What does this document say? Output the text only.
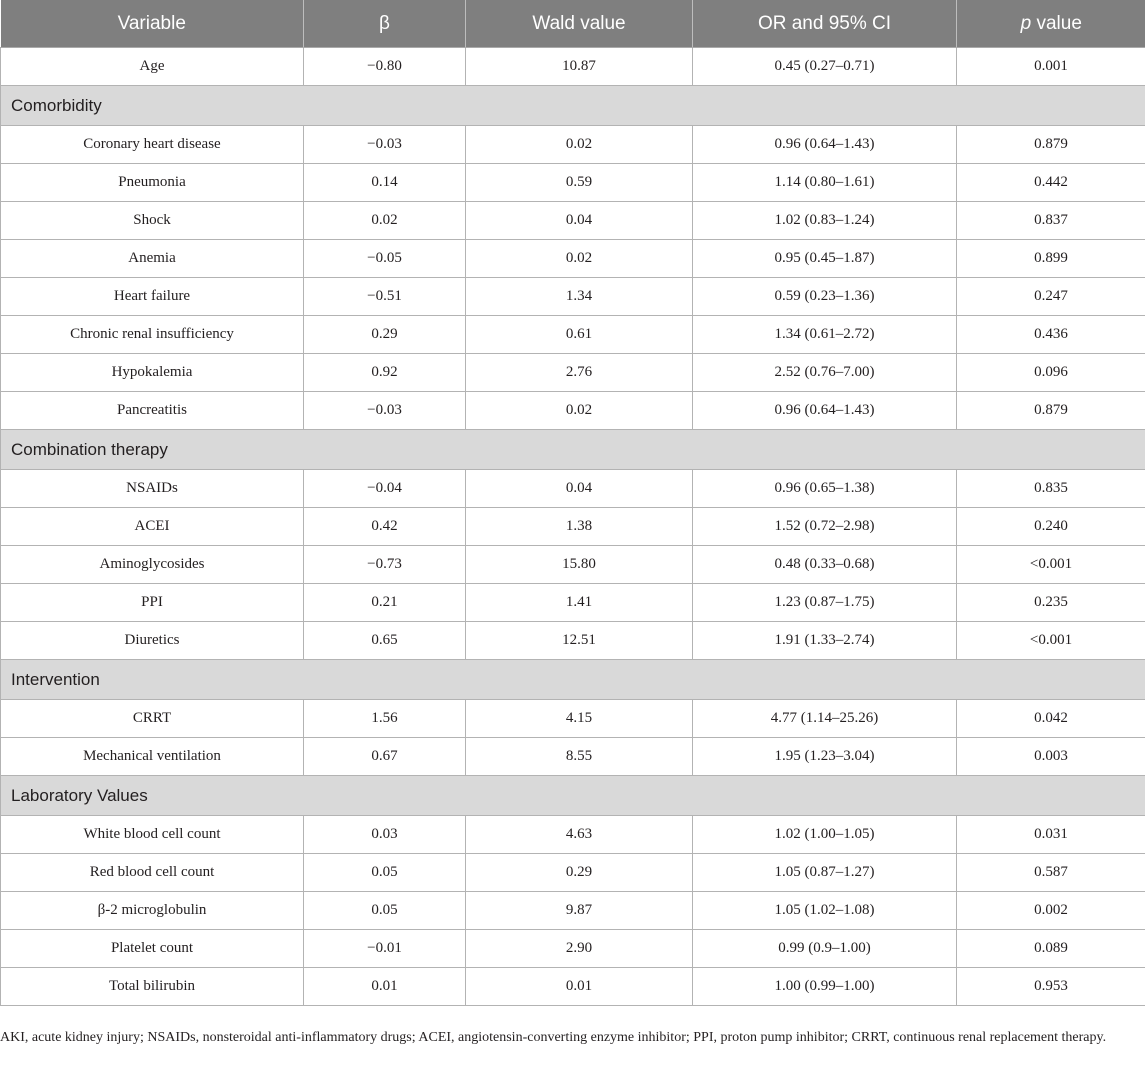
Variable	β	Wald value	OR and 95% CI	p value
Age	−0.80	10.87	0.45 (0.27–0.71)	0.001
Comorbidity				
Coronary heart disease	−0.03	0.02	0.96 (0.64–1.43)	0.879
Pneumonia	0.14	0.59	1.14 (0.80–1.61)	0.442
Shock	0.02	0.04	1.02 (0.83–1.24)	0.837
Anemia	−0.05	0.02	0.95 (0.45–1.87)	0.899
Heart failure	−0.51	1.34	0.59 (0.23–1.36)	0.247
Chronic renal insufficiency	0.29	0.61	1.34 (0.61–2.72)	0.436
Hypokalemia	0.92	2.76	2.52 (0.76–7.00)	0.096
Pancreatitis	−0.03	0.02	0.96 (0.64–1.43)	0.879
Combination therapy				
NSAIDs	−0.04	0.04	0.96 (0.65–1.38)	0.835
ACEI	0.42	1.38	1.52 (0.72–2.98)	0.240
Aminoglycosides	−0.73	15.80	0.48 (0.33–0.68)	<0.001
PPI	0.21	1.41	1.23 (0.87–1.75)	0.235
Diuretics	0.65	12.51	1.91 (1.33–2.74)	<0.001
Intervention				
CRRT	1.56	4.15	4.77 (1.14–25.26)	0.042
Mechanical ventilation	0.67	8.55	1.95 (1.23–3.04)	0.003
Laboratory Values				
White blood cell count	0.03	4.63	1.02 (1.00–1.05)	0.031
Red blood cell count	0.05	0.29	1.05 (0.87–1.27)	0.587
β-2 microglobulin	0.05	9.87	1.05 (1.02–1.08)	0.002
Platelet count	−0.01	2.90	0.99 (0.9–1.00)	0.089
Total bilirubin	0.01	0.01	1.00 (0.99–1.00)	0.953
AKI, acute kidney injury; NSAIDs, nonsteroidal anti-inflammatory drugs; ACEI, angiotensin-converting enzyme inhibitor; PPI, proton pump inhibitor; CRRT, continuous renal replacement therapy.
